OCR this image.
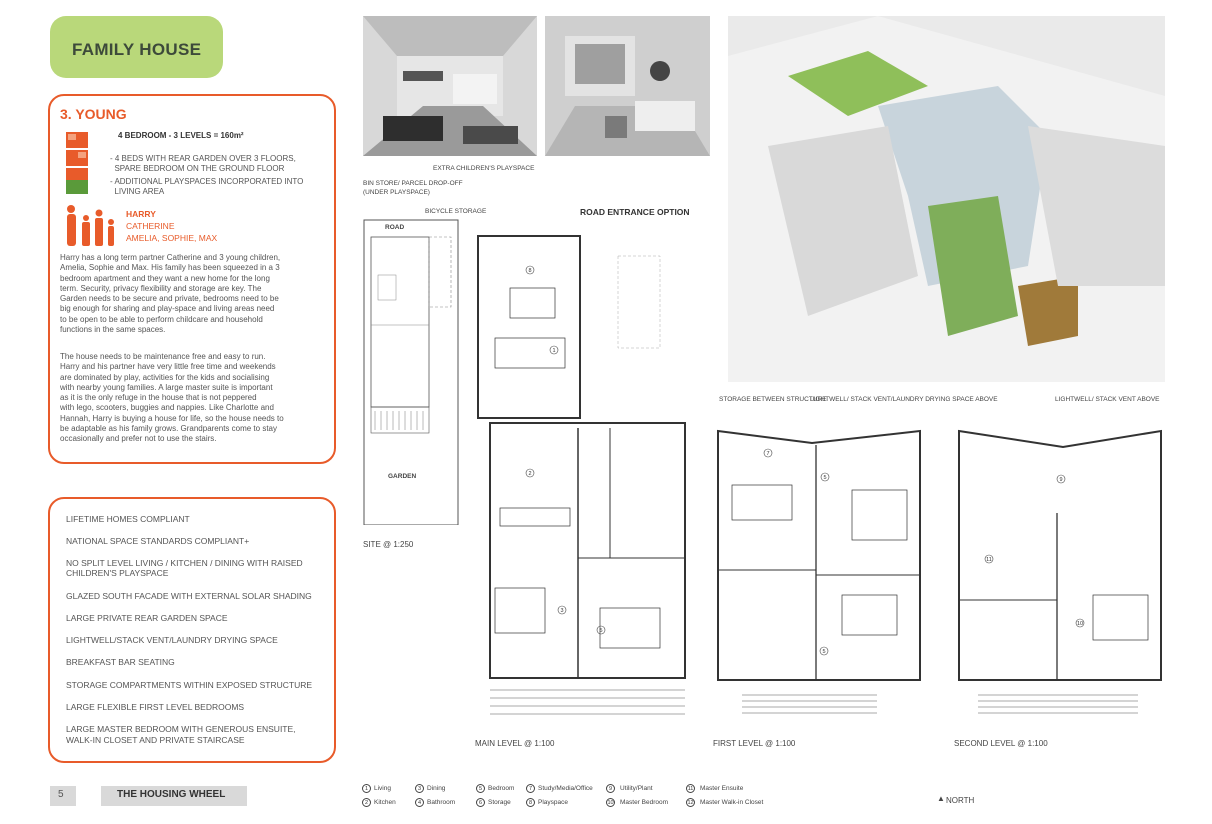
FAMILY HOUSE
3. YOUNG
4 BEDROOM - 3 LEVELS = 160m²
- 4 BEDS WITH REAR GARDEN OVER 3 FLOORS,
SPARE BEDROOM ON THE GROUND FLOOR
- ADDITIONAL PLAYSPACES INCORPORATED INTO
LIVING AREA
HARRY
CATHERINE
AMELIA, SOPHIE, MAX
Harry has a long term partner Catherine and 3 young children,
Amelia, Sophie and Max. His family has been squeezed in a 3
bedroom apartment and they want a new home for the long
term. Security, privacy flexibility and storage are key. The
Garden needs to be secure and private, bedrooms need to be
big enough for sharing and play-space and living areas need
to be open to be able to perform childcare and household
functions in the same spaces.
The house needs to be maintenance free and easy to run.
Harry and his partner have very little free time and weekends
are dominated by play, activities for the kids and socialising
with nearby young families. A large master suite is important
as it is the only refuge in the house that is not peppered
with lego, scooters, buggies and nappies. Like Charlotte and
Hannah, Harry is buying a house for life, so the house needs to
be adaptable as his family grows. Grandparents come to stay
occasionally and prefer not to use the stairs.
LIFETIME HOMES COMPLIANT
NATIONAL SPACE STANDARDS COMPLIANT+
NO SPLIT LEVEL LIVING / KITCHEN / DINING WITH RAISED
CHILDREN'S PLAYSPACE
GLAZED SOUTH FACADE WITH EXTERNAL SOLAR SHADING
LARGE PRIVATE REAR GARDEN SPACE
LIGHTWELL/STACK VENT/LAUNDRY DRYING SPACE
BREAKFAST BAR SEATING
STORAGE COMPARTMENTS WITHIN EXPOSED STRUCTURE
LARGE FLEXIBLE FIRST LEVEL BEDROOMS
LARGE MASTER BEDROOM WITH GENEROUS ENSUITE,
WALK-IN CLOSET AND PRIVATE STAIRCASE
5	THE HOUSING WHEEL
EXTRA CHILDREN'S PLAYSPACE
BIN STORE/ PARCEL DROP-OFF
(UNDER PLAYSPACE)
BICYCLE STORAGE	ROAD ENTRANCE OPTION
SITE @ 1:250
STORAGE BETWEEN STRUCTURE
LIGHTWELL/ STACK VENT/LAUNDRY DRYING SPACE ABOVE	LIGHTWELL/ STACK VENT ABOVE
MAIN LEVEL @ 1:100	FIRST LEVEL @ 1:100	SECOND LEVEL @ 1:100
ROAD
GARDEN
8
1
2
3
5
7
5
5
9
11
10
1 Living
2 Kitchen
3 Dining
4 Bathroom
5 Bedroom
6 Storage
7 Study/Media/Office
8 Playspace
9	Utility/Plant
10 Master Bedroom
11 Master Ensuite
12 Master Walk-in Closet	▲ NORTH
